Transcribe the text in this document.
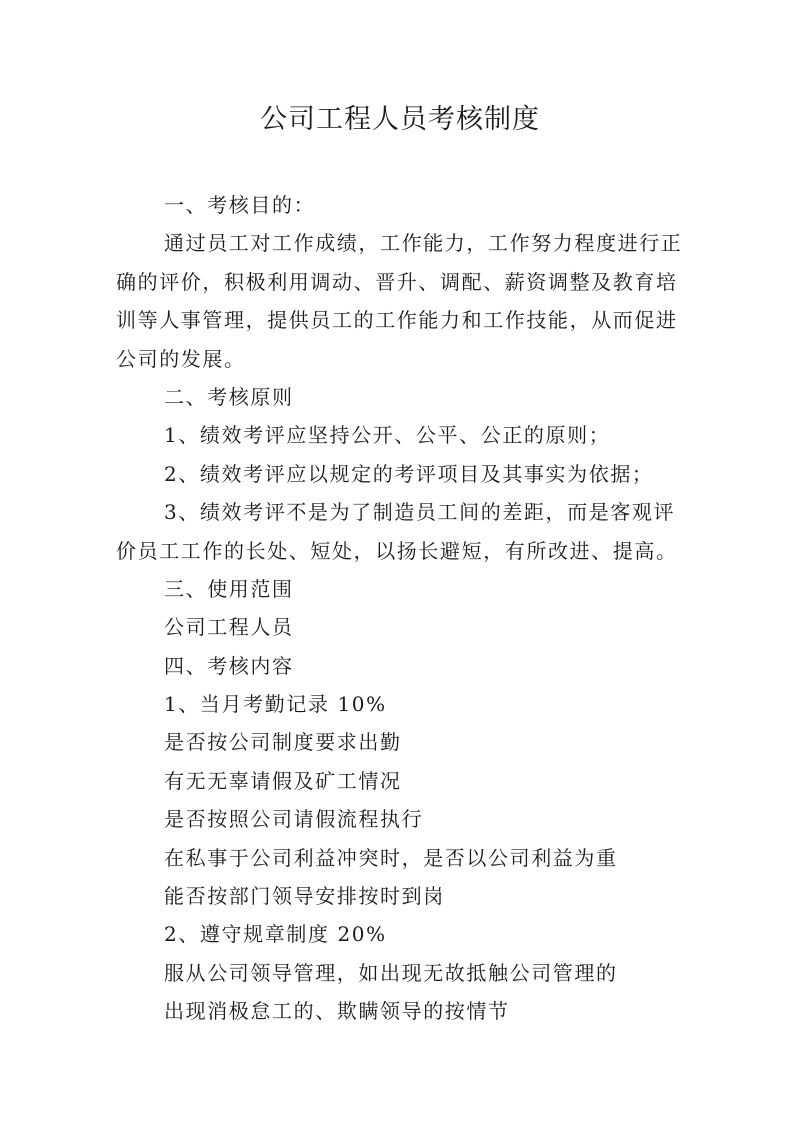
公司工程人员考核制度
一、考核目的：
通过员工对工作成绩，工作能力，工作努力程度进行正
确的评价，积极利用调动、晋升、调配、薪资调整及教育培
训等人事管理，提供员工的工作能力和工作技能，从而促进
公司的发展。
二、考核原则
1、绩效考评应坚持公开、公平、公正的原则；
2、绩效考评应以规定的考评项目及其事实为依据；
3、绩效考评不是为了制造员工间的差距，而是客观评
价员工工作的长处、短处，以扬长避短，有所改进、提高。
三、使用范围
公司工程人员
四、考核内容
1、当月考勤记录 10%
是否按公司制度要求出勤
有无无辜请假及矿工情况
是否按照公司请假流程执行
在私事于公司利益冲突时，是否以公司利益为重
能否按部门领导安排按时到岗
2、遵守规章制度 20%
服从公司领导管理，如出现无故抵触公司管理的
出现消极怠工的、欺瞒领导的按情节
